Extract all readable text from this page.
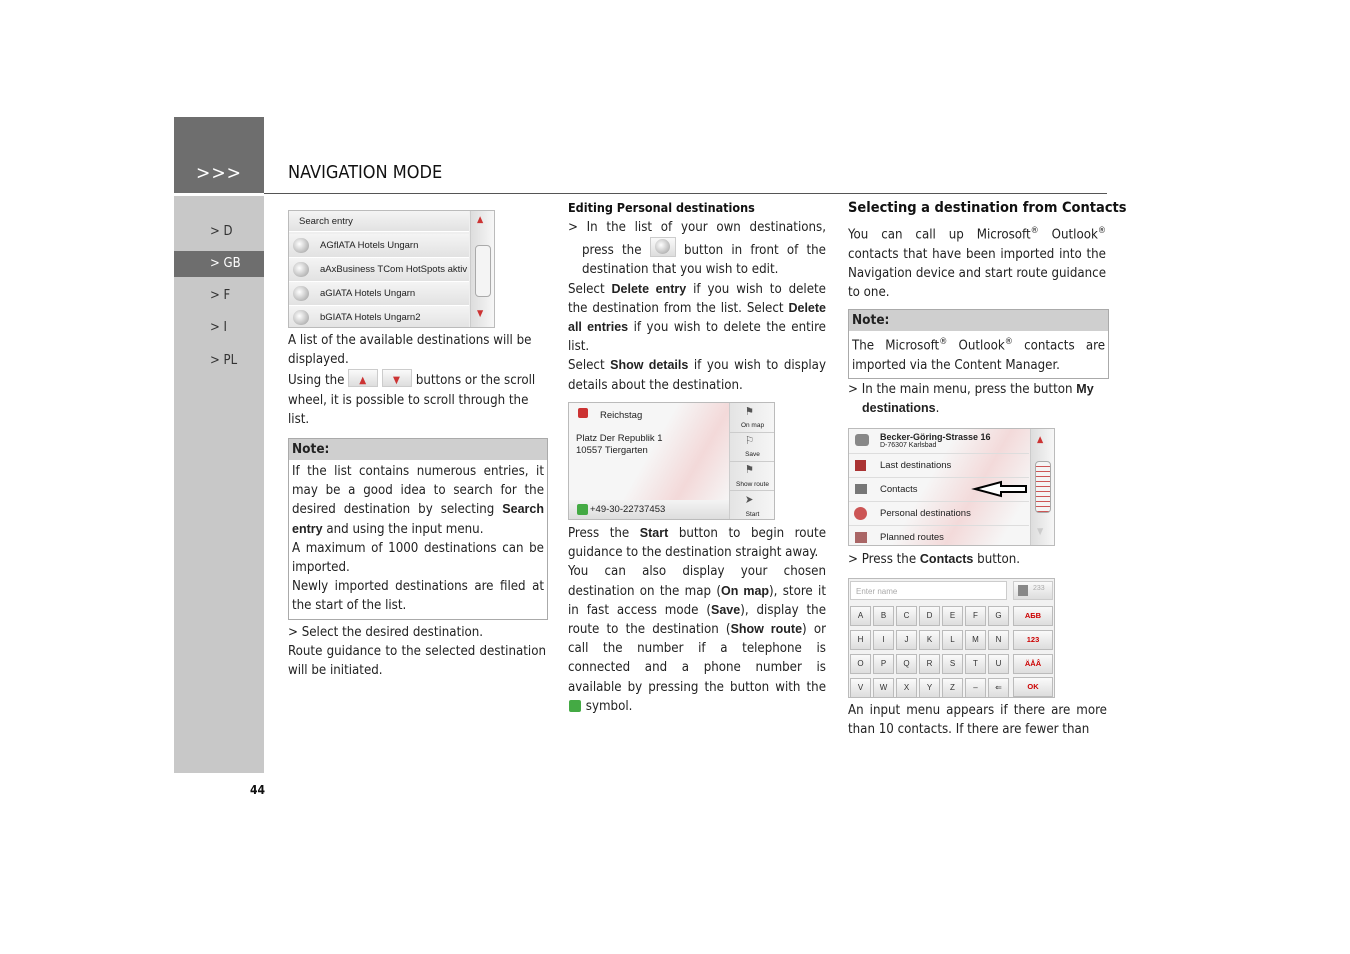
>>>	NAVIGATION MODE
> D
> GB
> F
> I
> PL
44
Search entry
AGflATA Hotels Ungarn
aAxBusiness TCom HotSpots aktiv
aGIATA Hotels Ungarn
bGIATA Hotels Ungarn2
▲
▼
A list of the available destinations will be displayed.
Using the ▲
	▼ buttons or the scroll wheel, it is possible to scroll through the list.
Note:
If the list contains numerous entries, it may be a good idea to search for the desired destination by selecting Search entry and using the input menu.
A maximum of 1000 destinations can be imported.
Newly imported destinations are filed at the start of the list.
> Select the desired destination.
Route guidance to the selected destination will be initiated.
Editing Personal destinations
> In the list of your own destinations, press the	button in front of the destination that you wish to edit.
Select Delete entry if you wish to delete the destination from the list. Select Delete all entries if you wish to delete the entire list.
Select Show details if you wish to display details about the destination.
Reichstag
Platz Der Republik 1
10557 Tiergarten
+49-30-22737453
⚑
On map
⚐
Save
⚑
Show route
➤
Start
Press the Start button to begin route guidance to the destination straight away.
You can also display your chosen destination on the map (On map), store it in fast access mode (Save), display the route to the destination (Show route) or call the number if a telephone is connected and a phone number is available by pressing the button with the symbol.
Selecting a destination from Contacts
You can call up Microsoft® Outlook® contacts that have been imported into the Navigation device and start route guidance to one.
Note:
The Microsoft® Outlook® contacts are imported via the Content Manager.
> In the main menu, press the button My destinations.
Becker-Göring-Strasse 16
D-76307 Karlsbad
Last destinations
Contacts
Personal destinations
Planned routes
▲
▼
> Press the Contacts button.
Enter name	233
A	B	C	D	E	F	G
H	I	J	K	L	M	N
O	P	Q	R	S	T	U
V	W	X	Y	Z	–	⇐
АБВ
123
ÄÅÂ
OK
An input menu appears if there are more than 10 contacts. If there are fewer than
